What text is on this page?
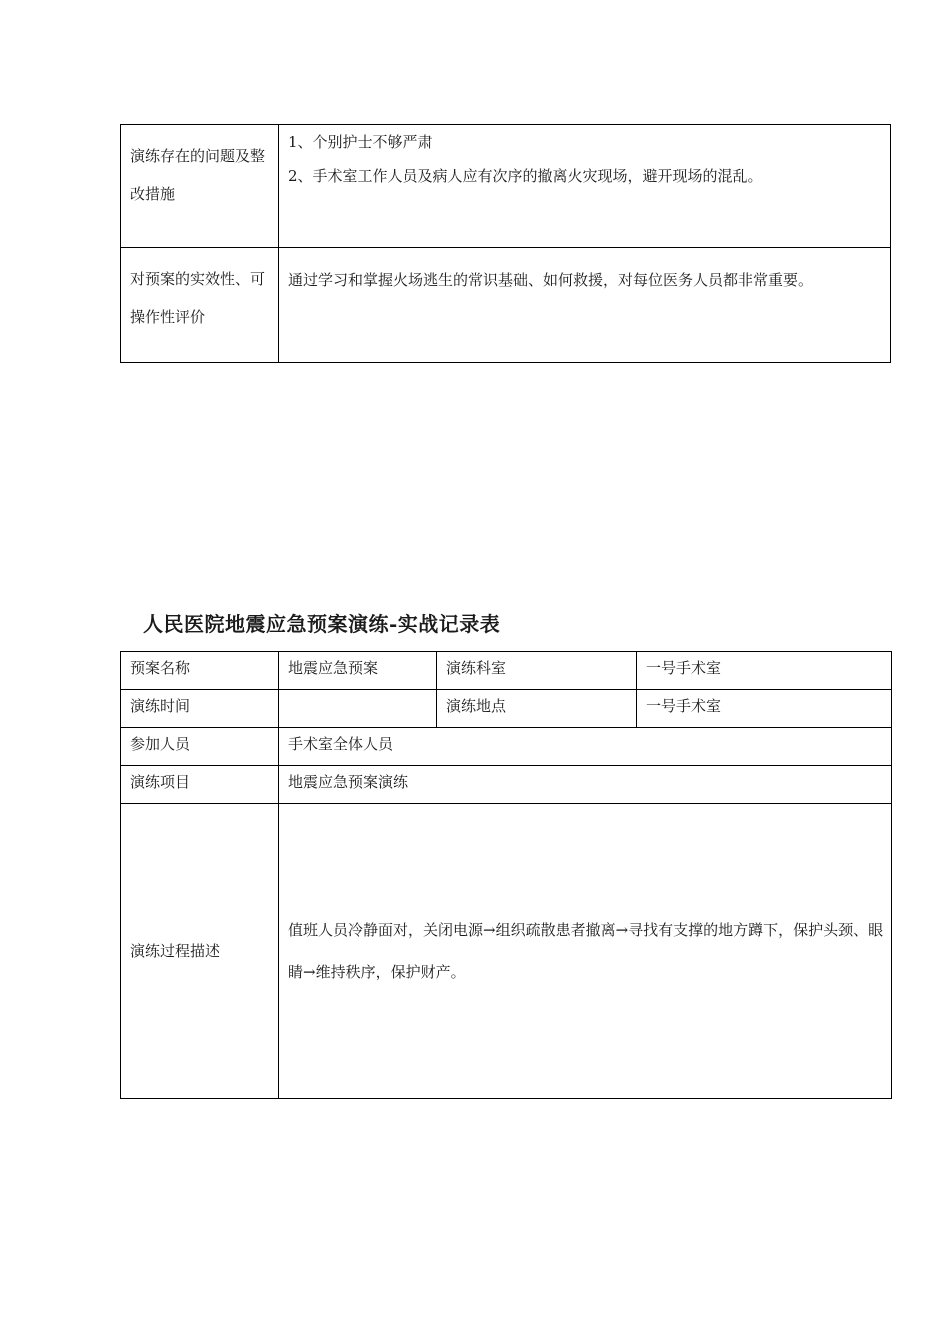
演练存在的问题及整改措施	1、个别护士不够严肃
2、手术室工作人员及病人应有次序的撤离火灾现场，避开现场的混乱。

对预案的实效性、可操作性评价	通过学习和掌握火场逃生的常识基础、如何救援，对每位医务人员都非常重要。
人民医院地震应急预案演练-实战记录表
预案名称	地震应急预案	演练科室	一号手术室
演练时间		演练地点	一号手术室
参加人员	手术室全体人员		
演练项目	地震应急预案演练		
演练过程描述	值班人员冷静面对，关闭电源→组织疏散患者撤离→寻找有支撑的地方蹲下，保护头颈、眼睛→维持秩序，保护财产。		
